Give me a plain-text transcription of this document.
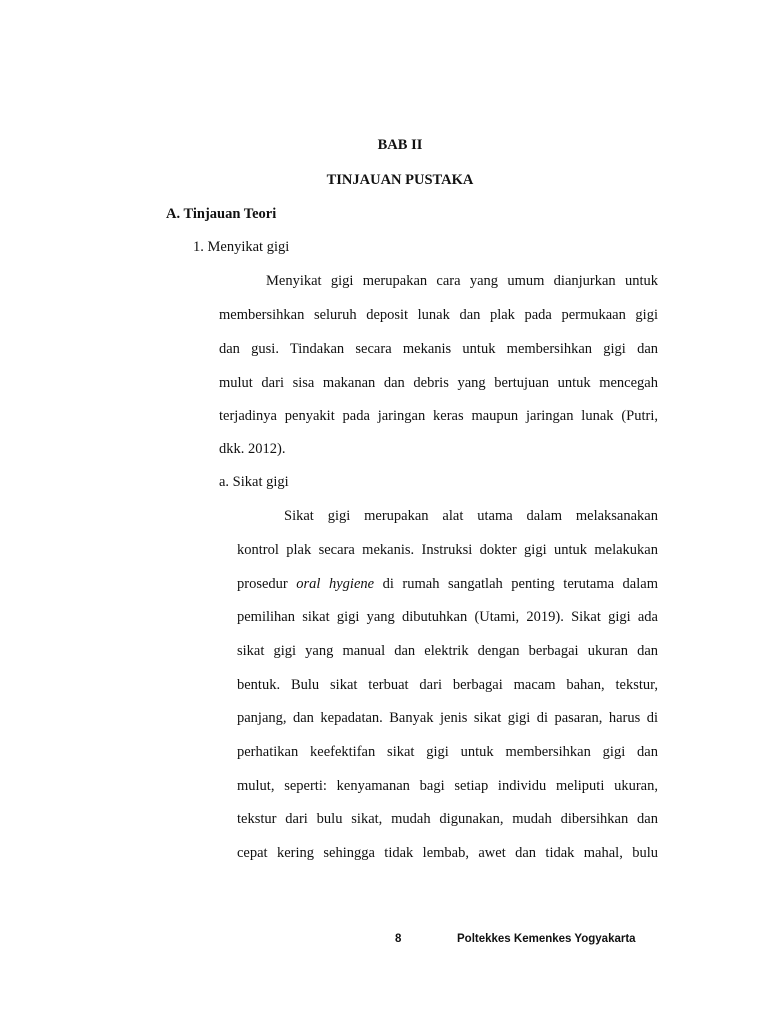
BAB II
TINJAUAN PUSTAKA
A. Tinjauan Teori
1. Menyikat gigi
Menyikat gigi merupakan cara yang umum dianjurkan untuk
membersihkan seluruh deposit lunak dan plak pada permukaan gigi
dan gusi. Tindakan secara mekanis untuk membersihkan gigi dan
mulut dari sisa makanan dan debris yang bertujuan untuk mencegah
terjadinya penyakit pada jaringan keras maupun jaringan lunak (Putri,
dkk. 2012).
a. Sikat gigi
Sikat gigi merupakan alat utama dalam melaksanakan
kontrol plak secara mekanis. Instruksi dokter gigi untuk melakukan
prosedur oral hygiene di rumah sangatlah penting terutama dalam
pemilihan sikat gigi yang dibutuhkan (Utami, 2019). Sikat gigi ada
sikat gigi yang manual dan elektrik dengan berbagai ukuran dan
bentuk. Bulu sikat terbuat dari berbagai macam bahan, tekstur,
panjang, dan kepadatan. Banyak jenis sikat gigi di pasaran, harus di
perhatikan keefektifan sikat gigi untuk membersihkan gigi dan
mulut, seperti: kenyamanan bagi setiap individu meliputi ukuran,
tekstur dari bulu sikat, mudah digunakan, mudah dibersihkan dan
cepat kering sehingga tidak lembab, awet dan tidak mahal, bulu
8	Poltekkes Kemenkes Yogyakarta
